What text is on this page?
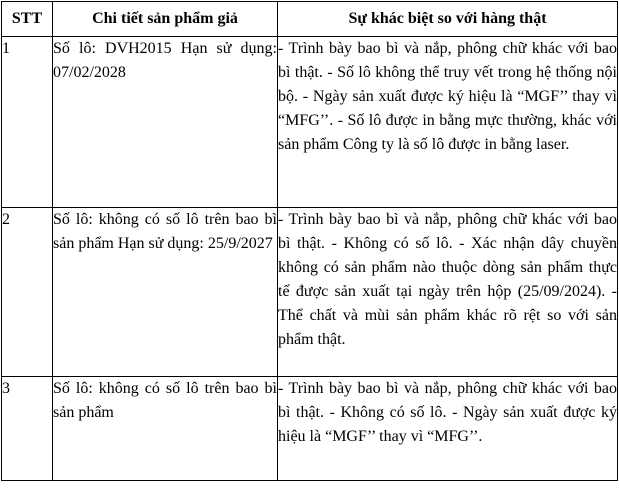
STT	Chi tiết sản phẩm giả	Sự khác biệt so với hàng thật
1	Số lô: DVH2015 Hạn sử dụng: 07/02/2028	- Trình bày bao bì và nắp, phông chữ khác với bao bì thật. - Số lô không thể truy vết trong hệ thống nội bộ. - Ngày sản xuất được ký hiệu là “MGF’’ thay vì “MFG’’. - Số lô được in bằng mực thường, khác với sản phẩm Công ty là số lô được in bằng laser.
2	Số lô: không có số lô trên bao bì sản phẩm Hạn sử dụng: 25/9/2027	- Trình bày bao bì và nắp, phông chữ khác với bao bì thật. - Không có số lô. - Xác nhận dây chuyền không có sản phẩm nào thuộc dòng sản phẩm thực tế được sản xuất tại ngày trên hộp (25/09/2024). - Thể chất và mùi sản phẩm khác rõ rệt so với sản phẩm thật.
3	Số lô: không có số lô trên bao bì sản phẩm	- Trình bày bao bì và nắp, phông chữ khác với bao bì thật. - Không có số lô. - Ngày sản xuất được ký hiệu là “MGF’’ thay vì “MFG’’.
